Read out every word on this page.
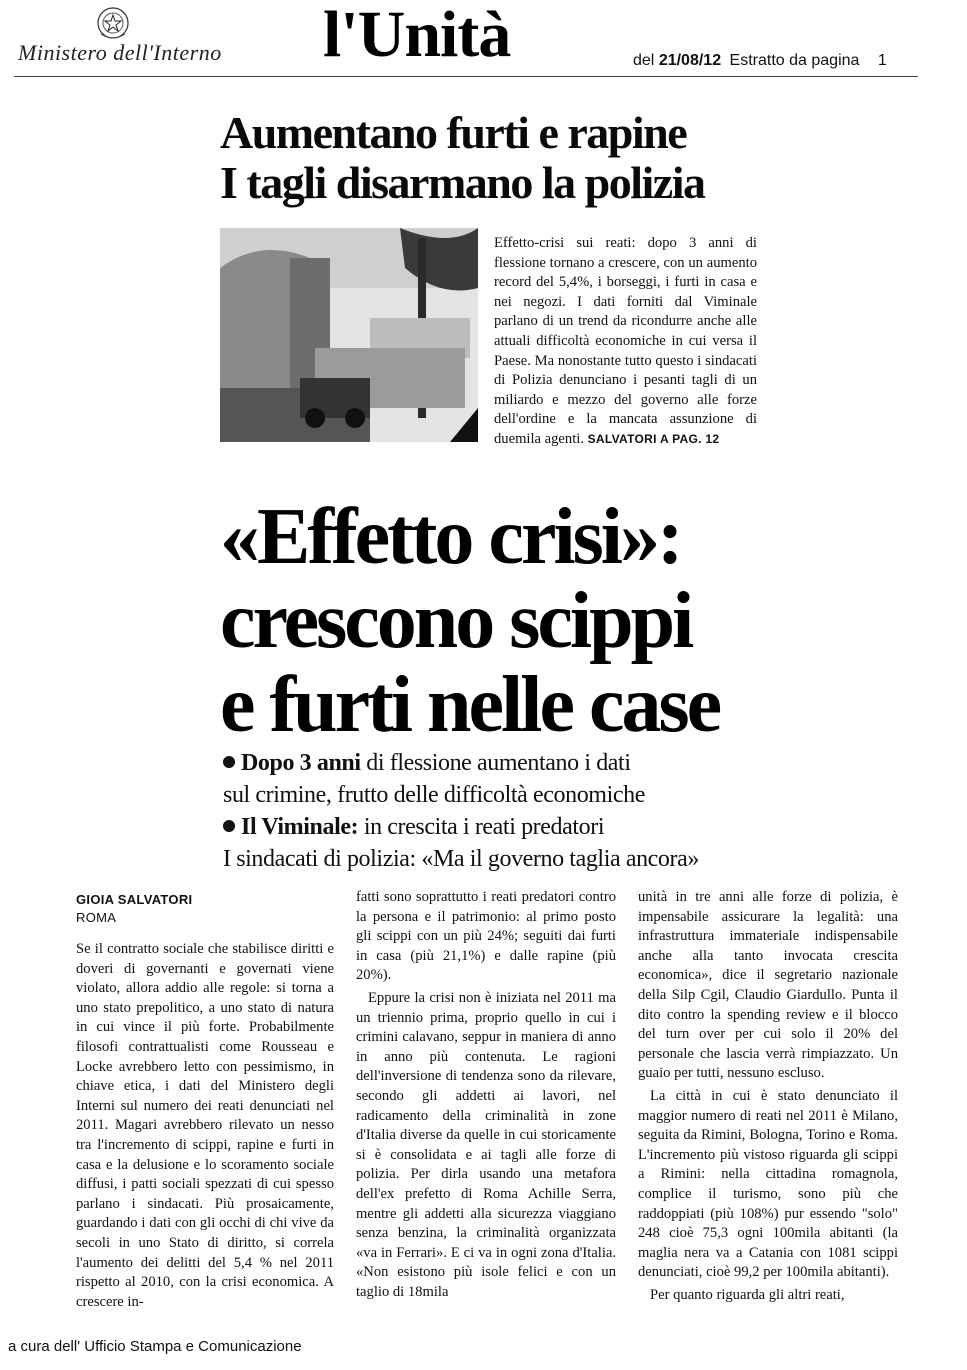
Ministero dell'Interno l'Unità	del 21/08/12 Estratto da pagina 1
Aumentano furti e rapine
I tagli disarmano la polizia
Effetto-crisi sui reati: dopo 3 anni di flessione tornano a crescere, con un aumento record del 5,4%, i borseggi, i furti in casa e nei negozi. I dati forniti dal Viminale parlano di un trend da ricondurre anche alle attuali difficoltà economiche in cui versa il Paese. Ma nonostante tutto questo i sindacati di Polizia denunciano i pesanti tagli di un miliardo e mezzo del governo alle forze dell'ordine e la mancata assunzione di duemila agenti. SALVATORI A PAG. 12
«Effetto crisi»:
crescono scippi
e furti nelle case
Dopo 3 anni di flessione aumentano i dati
sul crimine, frutto delle difficoltà economiche
Il Viminale: in crescita i reati predatori
I sindacati di polizia: «Ma il governo taglia ancora»
GIOIA SALVATORI
ROMA

Se il contratto sociale che stabilisce diritti e doveri di governanti e governati viene violato, allora addio alle regole: si torna a uno stato prepolitico, a uno stato di natura in cui vince il più forte. Probabilmente filosofi contrattualisti come Rousseau e Locke avrebbero letto con pessimismo, in chiave etica, i dati del Ministero degli Interni sul numero dei reati denunciati nel 2011. Magari avrebbero rilevato un nesso tra l'incremento di scippi, rapine e furti in casa e la delusione e lo scoramento sociale diffusi, i patti sociali spezzati di cui spesso parlano i sindacati. Più prosaicamente, guardando i dati con gli occhi di chi vive da secoli in uno Stato di diritto, si correla l'aumento dei delitti del 5,4 % nel 2011 rispetto al 2010, con la crisi economica. A crescere in-

fatti sono soprattutto i reati predatori contro la persona e il patrimonio: al primo posto gli scippi con un più 24%; seguiti dai furti in casa (più 21,1%) e dalle rapine (più 20%).

Eppure la crisi non è iniziata nel 2011 ma un triennio prima, proprio quello in cui i crimini calavano, seppur in maniera di anno in anno più contenuta. Le ragioni dell'inversione di tendenza sono da rilevare, secondo gli addetti ai lavori, nel radicamento della criminalità in zone d'Italia diverse da quelle in cui storicamente si è consolidata e ai tagli alle forze di polizia. Per dirla usando una metafora dell'ex prefetto di Roma Achille Serra, mentre gli addetti alla sicurezza viaggiano senza benzina, la criminalità organizzata «va in Ferrari». E ci va in ogni zona d'Italia. «Non esistono più isole felici e con un taglio di 18mila

unità in tre anni alle forze di polizia, è impensabile assicurare la legalità: una infrastruttura immateriale indispensabile anche alla tanto invocata crescita economica», dice il segretario nazionale della Silp Cgil, Claudio Giardullo. Punta il dito contro la spending review e il blocco del turn over per cui solo il 20% del personale che lascia verrà rimpiazzato. Un guaio per tutti, nessuno escluso.

La città in cui è stato denunciato il maggior numero di reati nel 2011 è Milano, seguita da Rimini, Bologna, Torino e Roma. L'incremento più vistoso riguarda gli scippi a Rimini: nella cittadina romagnola, complice il turismo, sono più che raddoppiati (più 108%) pur essendo "solo" 248 cioè 75,3 ogni 100mila abitanti (la maglia nera va a Catania con 1081 scippi denunciati, cioè 99,2 per 100mila abitanti).

Per quanto riguarda gli altri reati,

a cura dell' Ufficio Stampa e Comunicazione
